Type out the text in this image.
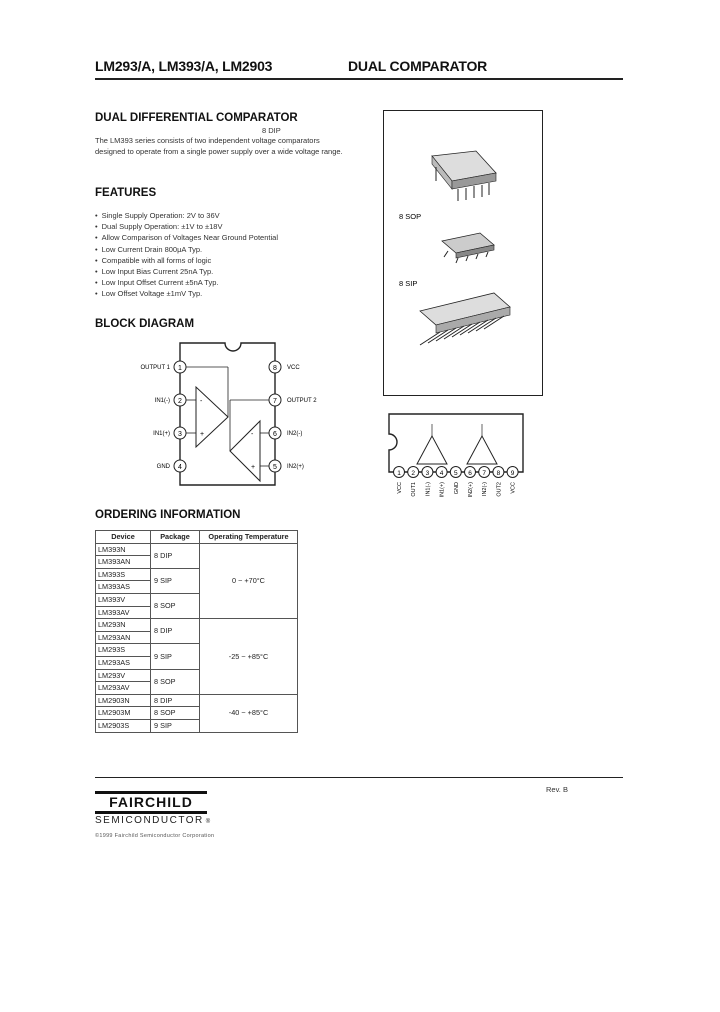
LM293/A, LM393/A, LM2903	DUAL COMPARATOR
DUAL DIFFERENTIAL COMPARATOR
8 DIP
The LM393 series consists of two independent voltage comparators designed to operate from a single power supply over a wide voltage range.
FEATURES
• Single Supply Operation: 2V to 36V
• Dual Supply Operation: ±1V to ±18V
• Allow Comparison of Voltages Near Ground Potential
• Low Current Drain 800μA Typ.
• Compatible with all forms of logic
• Low Input Bias Current 25nA Typ.
• Low Input Offset Current ±5nA Typ.
• Low Offset Voltage ±1mV Typ.
BLOCK DIAGRAM
1
OUTPUT 1
2
IN1(-)
3
IN1(+)
4
GND
8 VCC
7 OUTPUT 2
6 IN2(-)
5 IN2(+)
-
+	-
+
8 SOP
8 SIP
1
VCC
2
OUT1
3
IN1(-)
4
IN1(+)
5
GND
6
IN2(+)
7
IN2(-)
8
OUT2
9
VCC
ORDERING INFORMATION
Device	Package	Operating Temperature
LM393N	8 DIP	0 ~ +70°C
LM393AN		
LM393S	9 SIP	
LM393AS		
LM393V	8 SOP	
LM393AV		
LM293N	8 DIP	-25 ~ +85°C
LM293AN		
LM293S	9 SIP	
LM293AS		
LM293V	8 SOP	
LM293AV		
LM2903N	8 DIP	-40 ~ +85°C
LM2903M	8 SOP	
LM2903S	9 SIP	
Rev. B
FAIRCHILD
SEMICONDUCTOR ®
©1999 Fairchild Semiconductor Corporation
